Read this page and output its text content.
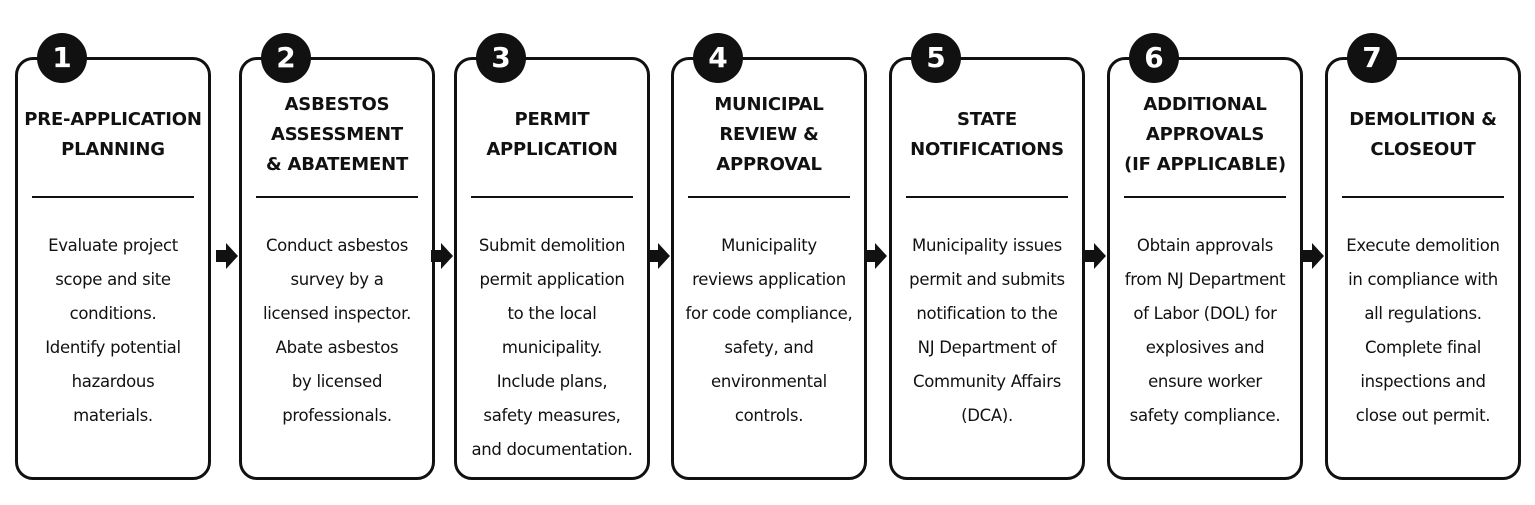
1
PRE-APPLICATION
PLANNING

Evaluate project
scope and site
conditions.
Identify potential
hazardous
materials.

2
ASBESTOS
ASSESSMENT
& ABATEMENT

Conduct asbestos
survey by a
licensed inspector.
Abate asbestos
by licensed
professionals.

3
PERMIT
APPLICATION

Submit demolition
permit application
to the local
municipality.
Include plans,
safety measures,
and documentation.

4
MUNICIPAL
REVIEW &
APPROVAL

Municipality
reviews application
for code compliance,
safety, and
environmental
controls.

5
STATE
NOTIFICATIONS

Municipality issues
permit and submits
notification to the
NJ Department of
Community Affairs
(DCA).

6
ADDITIONAL
APPROVALS
(IF APPLICABLE)

Obtain approvals
from NJ Department
of Labor (DOL) for
explosives and
ensure worker
safety compliance.

7
DEMOLITION &
CLOSEOUT

Execute demolition
in compliance with
all regulations.
Complete final
inspections and
close out permit.
